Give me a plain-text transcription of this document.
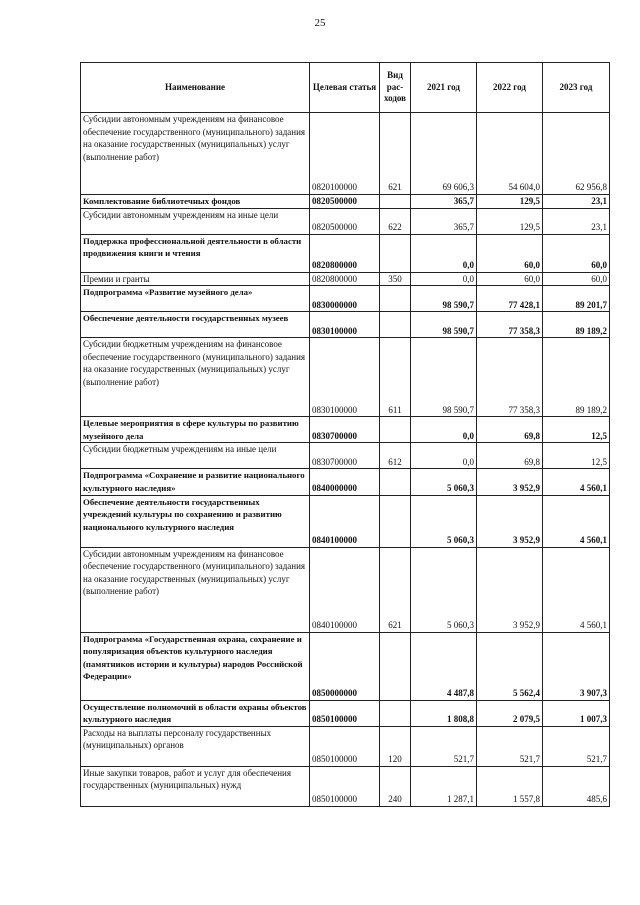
25
Наименование	Целевая статья	Вид рас-ходов	2021 год	2022 год	2023 год
Субсидии автономным учреждениям на финансовое обеспечение государственного (муниципального) задания на оказание государственных (муниципальных) услуг (выполнение работ)	0820100000	621	69 606,3	54 604,0	62 956,8
Комплектование библиотечных фондов	0820500000		365,7	129,5	23,1
Субсидии автономным учреждениям на иные цели	0820500000	622	365,7	129,5	23,1
Поддержка профессиональной деятельности в области продвижения книги и чтения	0820800000		0,0	60,0	60,0
Премии и гранты	0820800000	350	0,0	60,0	60,0
Подпрограмма «Развитие музейного дела»	0830000000		98 590,7	77 428,1	89 201,7
Обеспечение деятельности государственных музеев	0830100000		98 590,7	77 358,3	89 189,2
Субсидии бюджетным учреждениям на финансовое обеспечение государственного (муниципального) задания на оказание государственных (муниципальных) услуг (выполнение работ)	0830100000	611	98 590,7	77 358,3	89 189,2
Целевые мероприятия в сфере культуры по развитию музейного дела	0830700000		0,0	69,8	12,5
Субсидии бюджетным учреждениям на иные цели	0830700000	612	0,0	69,8	12,5
Подпрограмма «Сохранение и развитие национального культурного наследия»	0840000000		5 060,3	3 952,9	4 560,1
Обеспечение деятельности государственных учреждений культуры по сохранению и развитию национального культурного наследия	0840100000		5 060,3	3 952,9	4 560,1
Субсидии автономным учреждениям на финансовое обеспечение государственного (муниципального) задания на оказание государственных (муниципальных) услуг (выполнение работ)	0840100000	621	5 060,3	3 952,9	4 560,1
Подпрограмма «Государственная охрана, сохранение и популяризация объектов культурного наследия (памятников истории и культуры) народов Российской Федерации»	0850000000		4 487,8	5 562,4	3 907,3
Осуществление полномочий в области охраны объектов культурного наследия	0850100000		1 808,8	2 079,5	1 007,3
Расходы на выплаты персоналу государственных (муниципальных) органов	0850100000	120	521,7	521,7	521,7
Иные закупки товаров, работ и услуг для обеспечения государственных (муниципальных) нужд	0850100000	240	1 287,1	1 557,8	485,6
